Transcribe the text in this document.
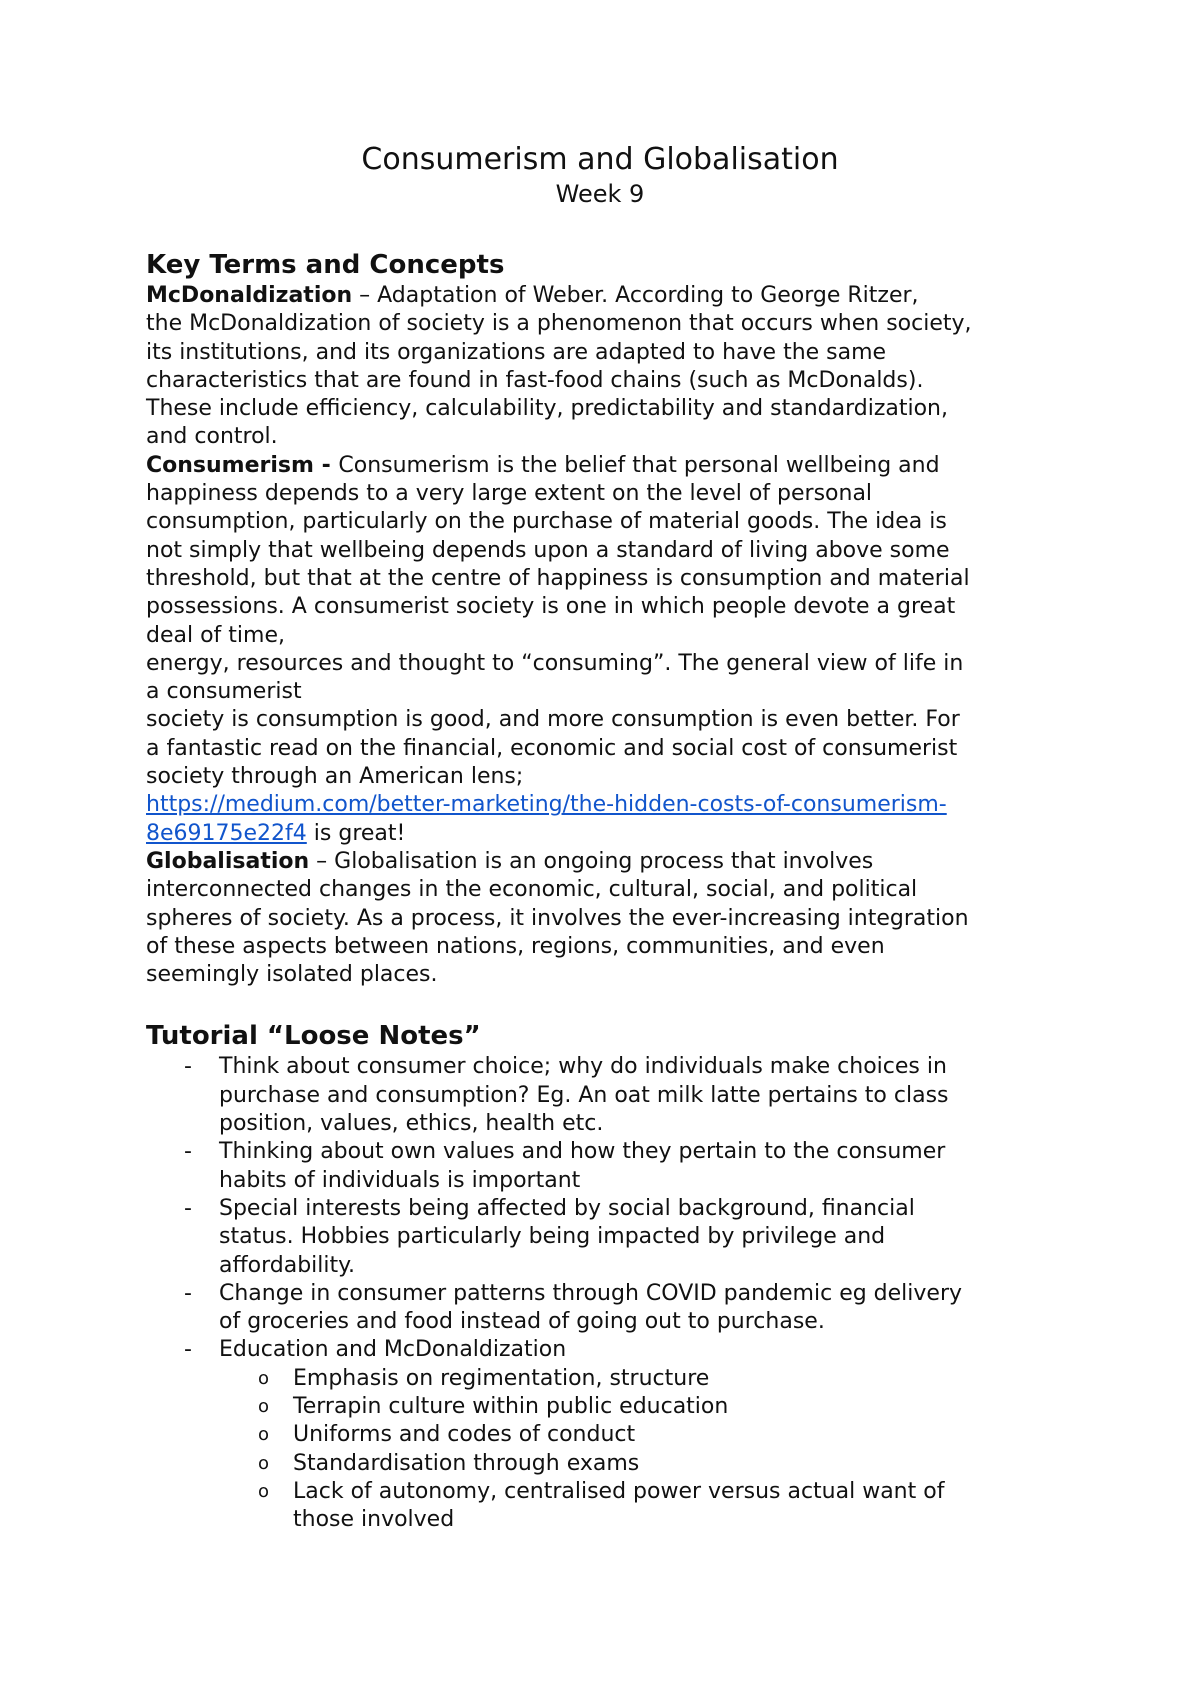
Consumerism and Globalisation
Week 9
Key Terms and Concepts

McDonaldization – Adaptation of Weber. According to George Ritzer,
the McDonaldization of society is a phenomenon that occurs when society,
its institutions, and its organizations are adapted to have the same
characteristics that are found in fast-food chains (such as McDonalds).
These include efficiency, calculability, predictability and standardization,
and control.

Consumerism - Consumerism is the belief that personal wellbeing and
happiness depends to a very large extent on the level of personal
consumption, particularly on the purchase of material goods. The idea is
not simply that wellbeing depends upon a standard of living above some
threshold, but that at the centre of happiness is consumption and material
possessions. A consumerist society is one in which people devote a great
deal of time,
energy, resources and thought to “consuming”. The general view of life in
a consumerist
society is consumption is good, and more consumption is even better. For
a fantastic read on the financial, economic and social cost of consumerist
society through an American lens;
https://medium.com/better-marketing/the-hidden-costs-of-consumerism-
8e69175e22f4 is great!

Globalisation – Globalisation is an ongoing process that involves
interconnected changes in the economic, cultural, social, and political
spheres of society. As a process, it involves the ever-increasing integration
of these aspects between nations, regions, communities, and even
seemingly isolated places.

Tutorial “Loose Notes”
- Think about consumer choice; why do individuals make choices in
purchase and consumption? Eg. An oat milk latte pertains to class
position, values, ethics, health etc.
- Thinking about own values and how they pertain to the consumer
habits of individuals is important
- Special interests being affected by social background, financial
status. Hobbies particularly being impacted by privilege and
affordability.
- Change in consumer patterns through COVID pandemic eg delivery
of groceries and food instead of going out to purchase.
- Education and McDonaldization
o Emphasis on regimentation, structure
o Terrapin culture within public education
o Uniforms and codes of conduct
o Standardisation through exams
o Lack of autonomy, centralised power versus actual want of
those involved
